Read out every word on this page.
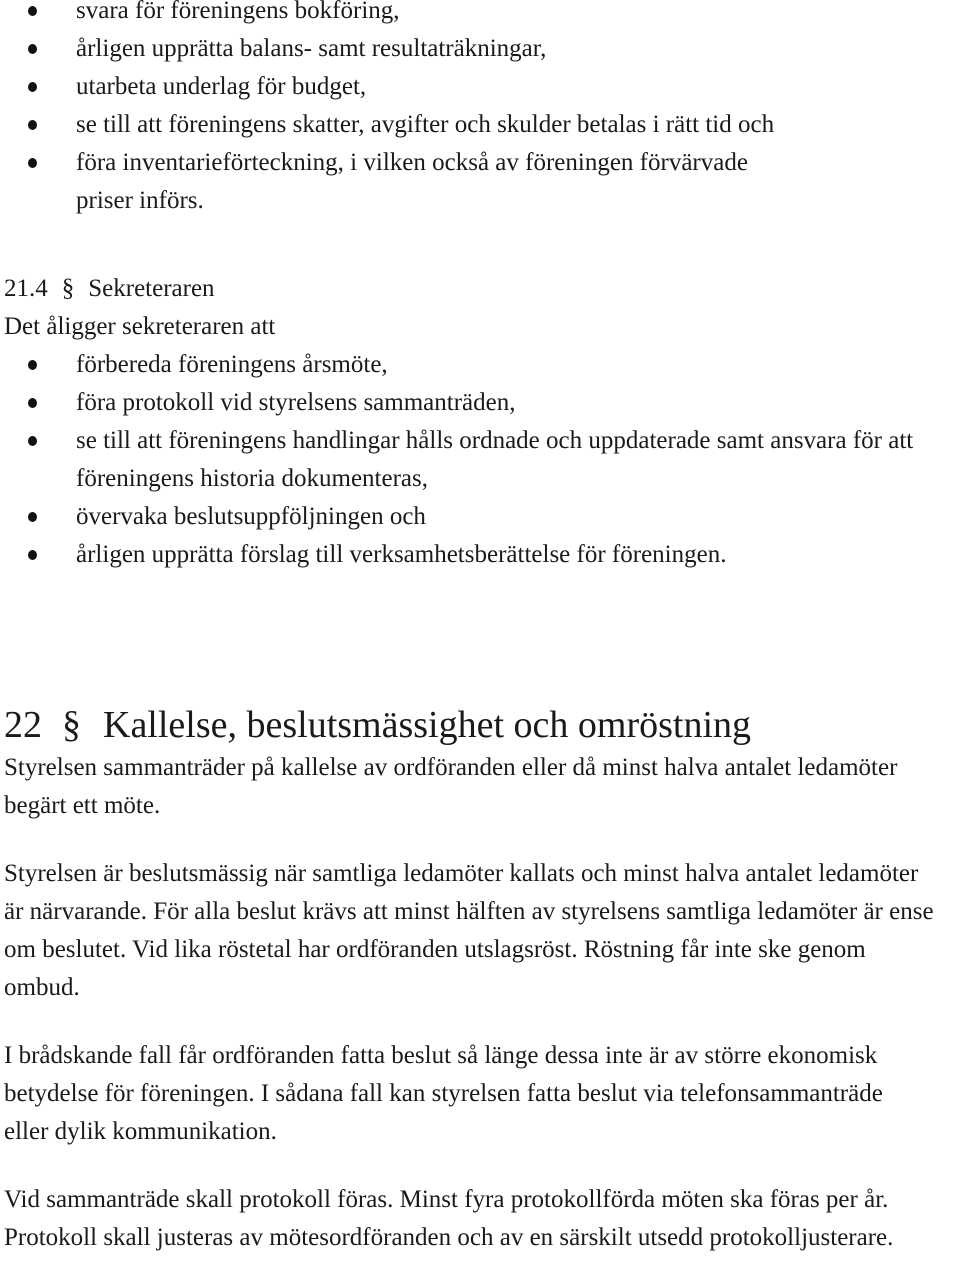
svara för föreningens bokföring,
årligen upprätta balans- samt resultaträkningar,
utarbeta underlag för budget,
se till att föreningens skatter, avgifter och skulder betalas i rätt tid och
föra inventarieförteckning, i vilken också av föreningen förvärvade priser införs.
21.4 § Sekreteraren

Det åligger sekreteraren att

förbereda föreningens årsmöte,
föra protokoll vid styrelsens sammanträden,
se till att föreningens handlingar hålls ordnade och uppdaterade samt ansvara för att föreningens historia dokumenteras,
övervaka beslutsuppföljningen och
årligen upprätta förslag till verksamhetsberättelse för föreningen.
22 § Kallelse, beslutsmässighet och omröstning

Styrelsen sammanträder på kallelse av ordföranden eller då minst halva antalet ledamöter begärt ett möte.

Styrelsen är beslutsmässig när samtliga ledamöter kallats och minst halva antalet ledamöter är närvarande. För alla beslut krävs att minst hälften av styrelsens samtliga ledamöter är ense om beslutet. Vid lika röstetal har ordföranden utslagsröst. Röstning får inte ske genom ombud.

I brådskande fall får ordföranden fatta beslut så länge dessa inte är av större ekonomisk betydelse för föreningen. I sådana fall kan styrelsen fatta beslut via telefonsammanträde eller dylik kommunikation.

Vid sammanträde skall protokoll föras. Minst fyra protokollförda möten ska föras per år. Protokoll skall justeras av mötesordföranden och av en särskilt utsedd protokolljusterare.
